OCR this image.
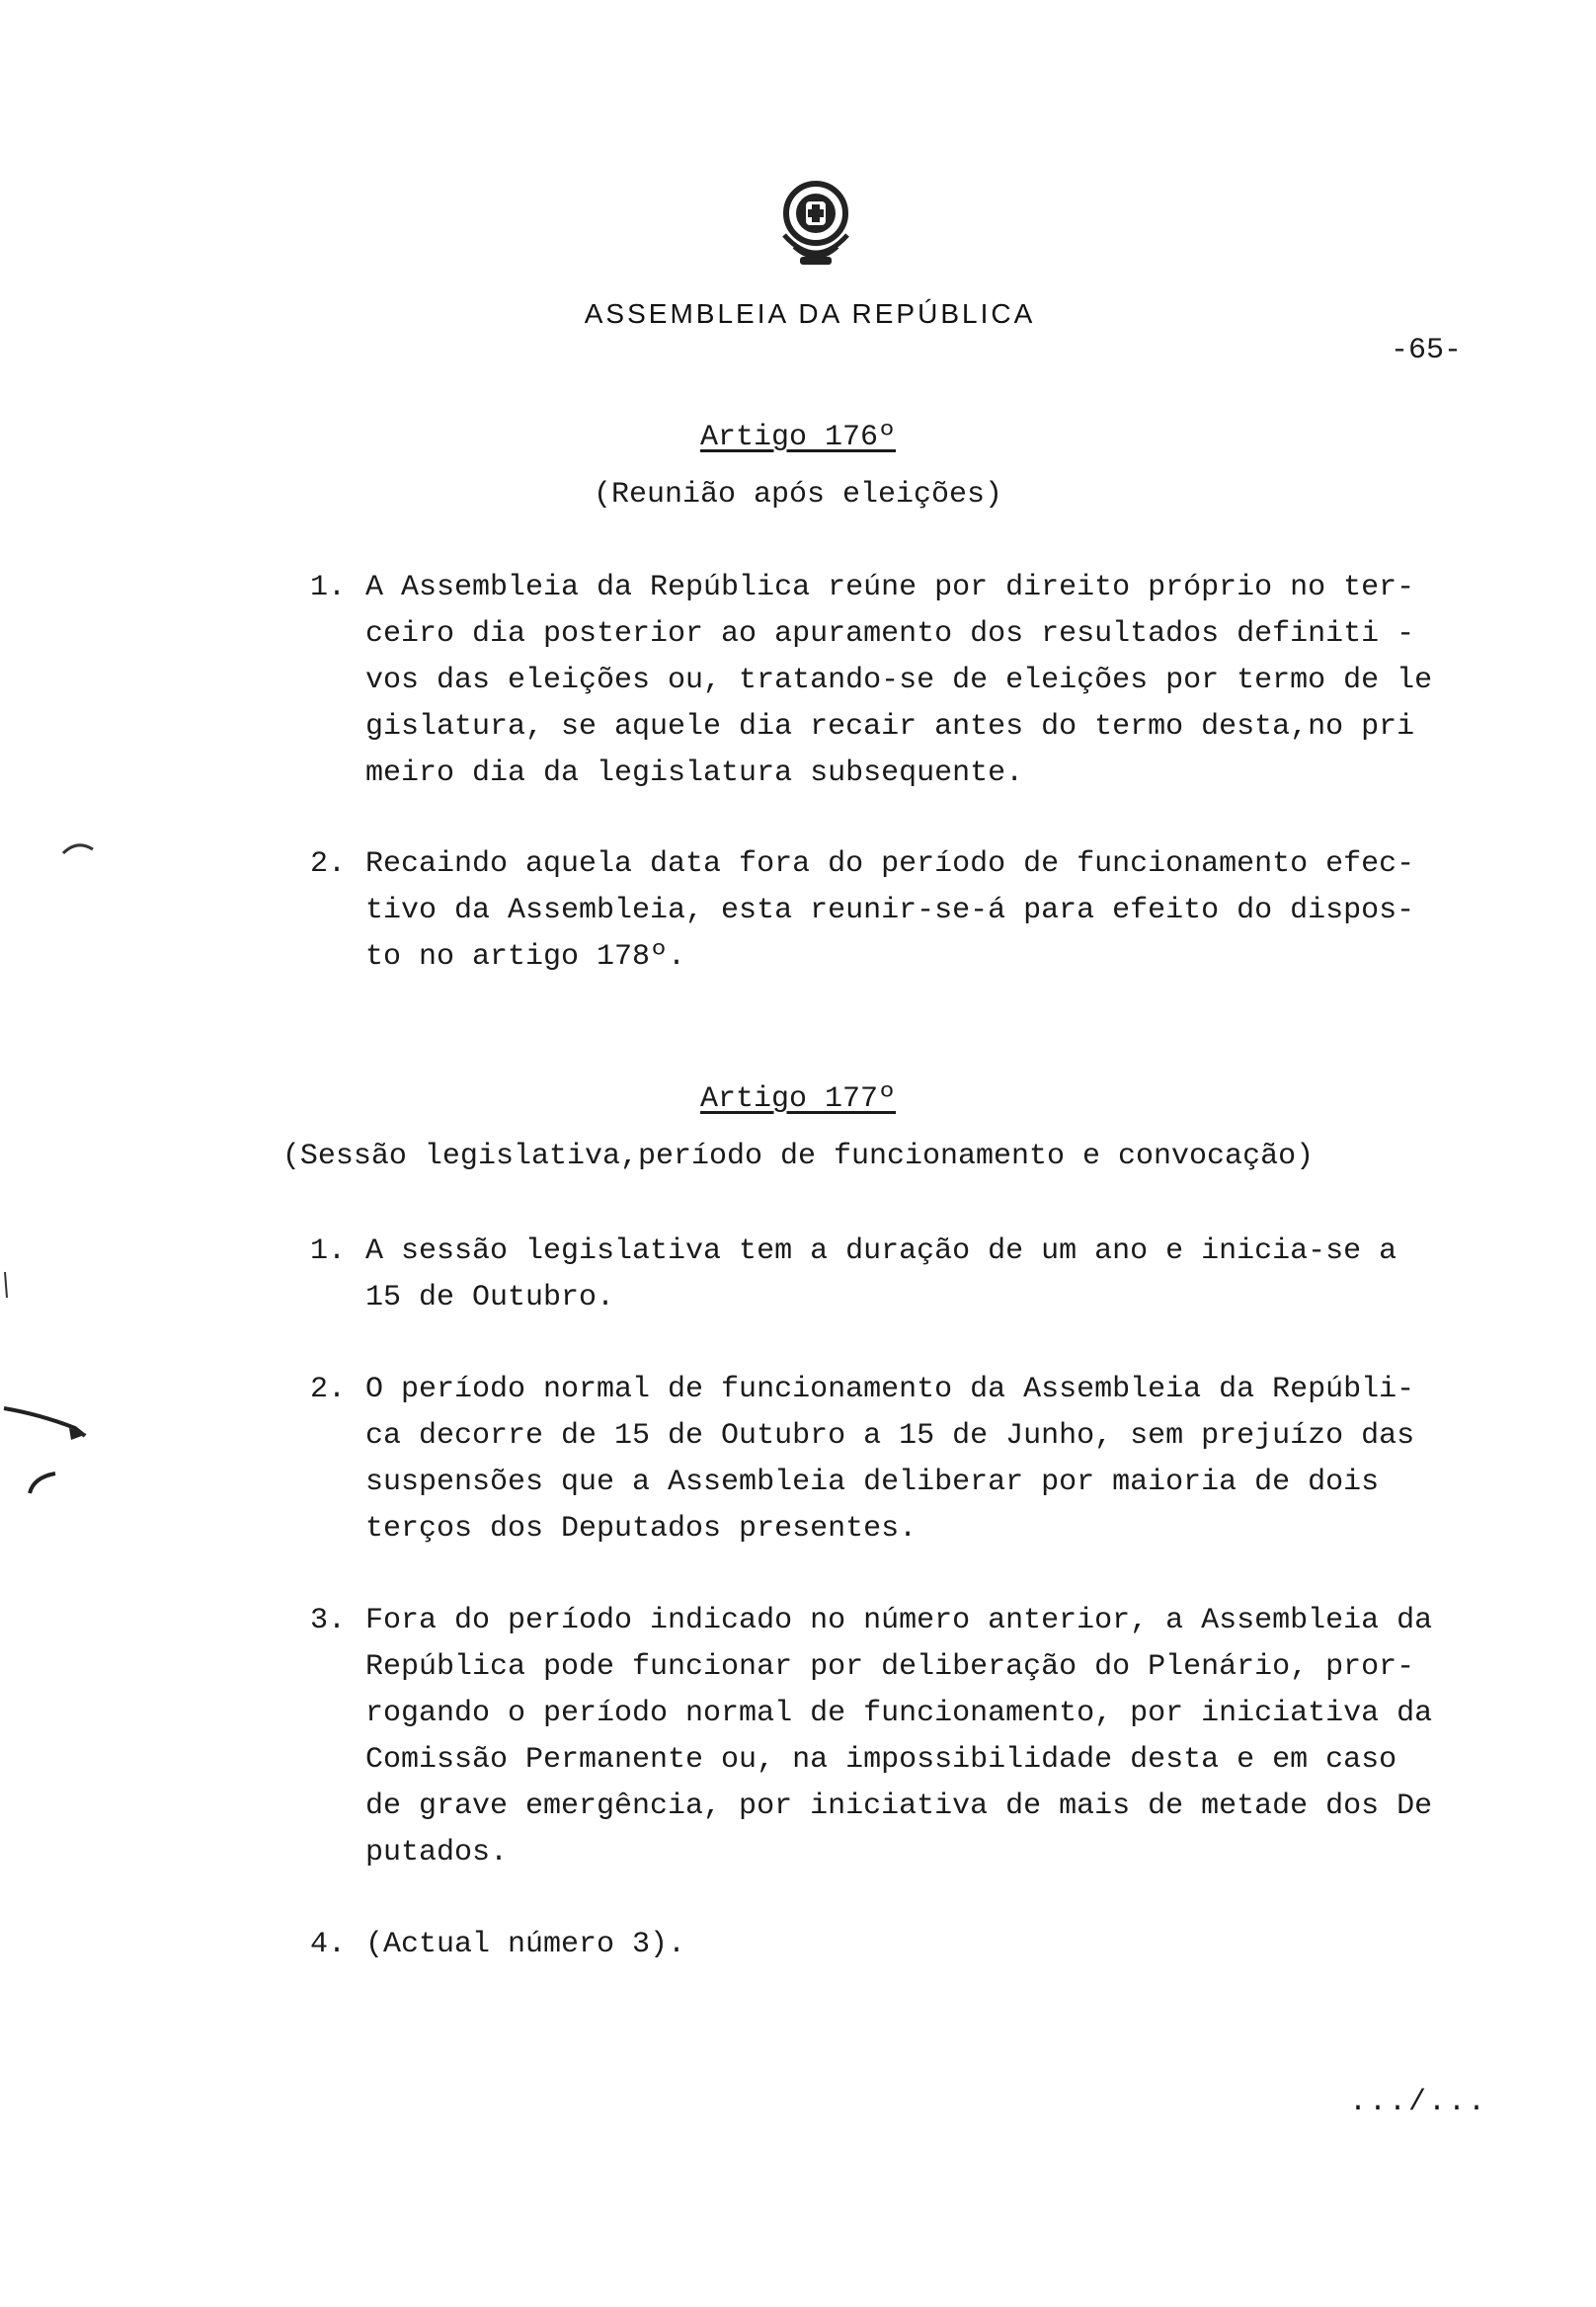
ASSEMBLEIA DA REPÚBLICA
-65-
Artigo 176º
(Reunião após eleições)
1. A Assembleia da República reúne por direito próprio no ter-
ceiro dia posterior ao apuramento dos resultados definiti -
vos das eleições ou, tratando-se de eleições por termo de le
gislatura, se aquele dia recair antes do termo desta,no pri
meiro dia da legislatura subsequente.
2. Recaindo aquela data fora do período de funcionamento efec-
tivo da Assembleia, esta reunir-se-á para efeito do dispos-
to no artigo 178º.
Artigo 177º
(Sessão legislativa,período de funcionamento e convocação)
1. A sessão legislativa tem a duração de um ano e inicia-se a
15 de Outubro.
2. O período normal de funcionamento da Assembleia da Repúbli-
ca decorre de 15 de Outubro a 15 de Junho, sem prejuízo das
suspensões que a Assembleia deliberar por maioria de dois
terços dos Deputados presentes.
3. Fora do período indicado no número anterior, a Assembleia da
República pode funcionar por deliberação do Plenário, pror-
rogando o período normal de funcionamento, por iniciativa da
Comissão Permanente ou, na impossibilidade desta e em caso
de grave emergência, por iniciativa de mais de metade dos De
putados.
4. (Actual número 3).
.../...
